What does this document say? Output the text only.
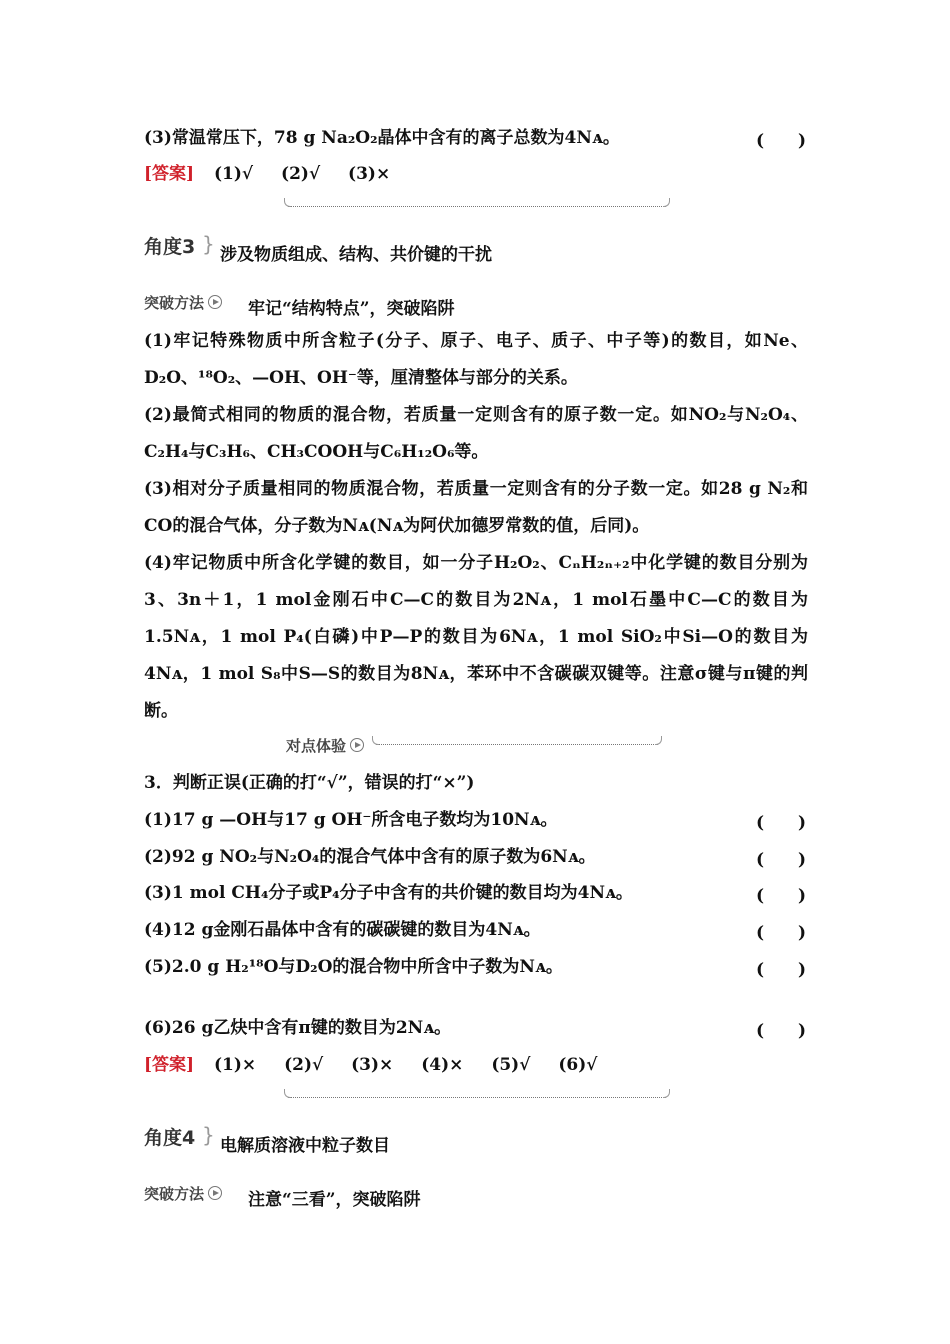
(3)常温常压下，78 g Na₂O₂晶体中含有的离子总数为4Nᴀ。	(　　)
[答案] (1)√ (2)√ (3)×
角度3 } 涉及物质组成、结构、共价键的干扰
突破方法	牢记“结构特点”，突破陷阱

(1)牢记特殊物质中所含粒子(分子、原子、电子、质子、中子等)的数目，如Ne、D₂O、¹⁸O₂、—OH、OH⁻等，厘清整体与部分的关系。

(2)最简式相同的物质的混合物，若质量一定则含有的原子数一定。如NO₂与N₂O₄、C₂H₄与C₃H₆、CH₃COOH与C₆H₁₂O₆等。

(3)相对分子质量相同的物质混合物，若质量一定则含有的分子数一定。如28 g N₂和CO的混合气体，分子数为Nᴀ(Nᴀ为阿伏加德罗常数的值，后同)。

(4)牢记物质中所含化学键的数目，如一分子H₂O₂、CₙH₂ₙ₊₂中化学键的数目分别为3、3n＋1，1 mol金刚石中C—C的数目为2Nᴀ，1 mol石墨中C—C的数目为1.5Nᴀ，1 mol P₄(白磷)中P—P的数目为6Nᴀ，1 mol SiO₂中Si—O的数目为4Nᴀ，1 mol S₈中S—S的数目为8Nᴀ，苯环中不含碳碳双键等。注意σ键与π键的判断。

对点体验
3．判断正误(正确的打“√”，错误的打“×”)
(1)17 g —OH与17 g OH⁻所含电子数均为10Nᴀ。	(　　)
(2)92 g NO₂与N₂O₄的混合气体中含有的原子数为6Nᴀ。	(　　)
(3)1 mol CH₄分子或P₄分子中含有的共价键的数目均为4Nᴀ。	(　　)
(4)12 g金刚石晶体中含有的碳碳键的数目为4Nᴀ。	(　　)
(5)2.0 g H₂¹⁸O与D₂O的混合物中所含中子数为Nᴀ。	(　　)
(6)26 g乙炔中含有π键的数目为2Nᴀ。	(　　)
[答案] (1)× (2)√ (3)× (4)× (5)√ (6)√
角度4 } 电解质溶液中粒子数目
突破方法	注意“三看”，突破陷阱
